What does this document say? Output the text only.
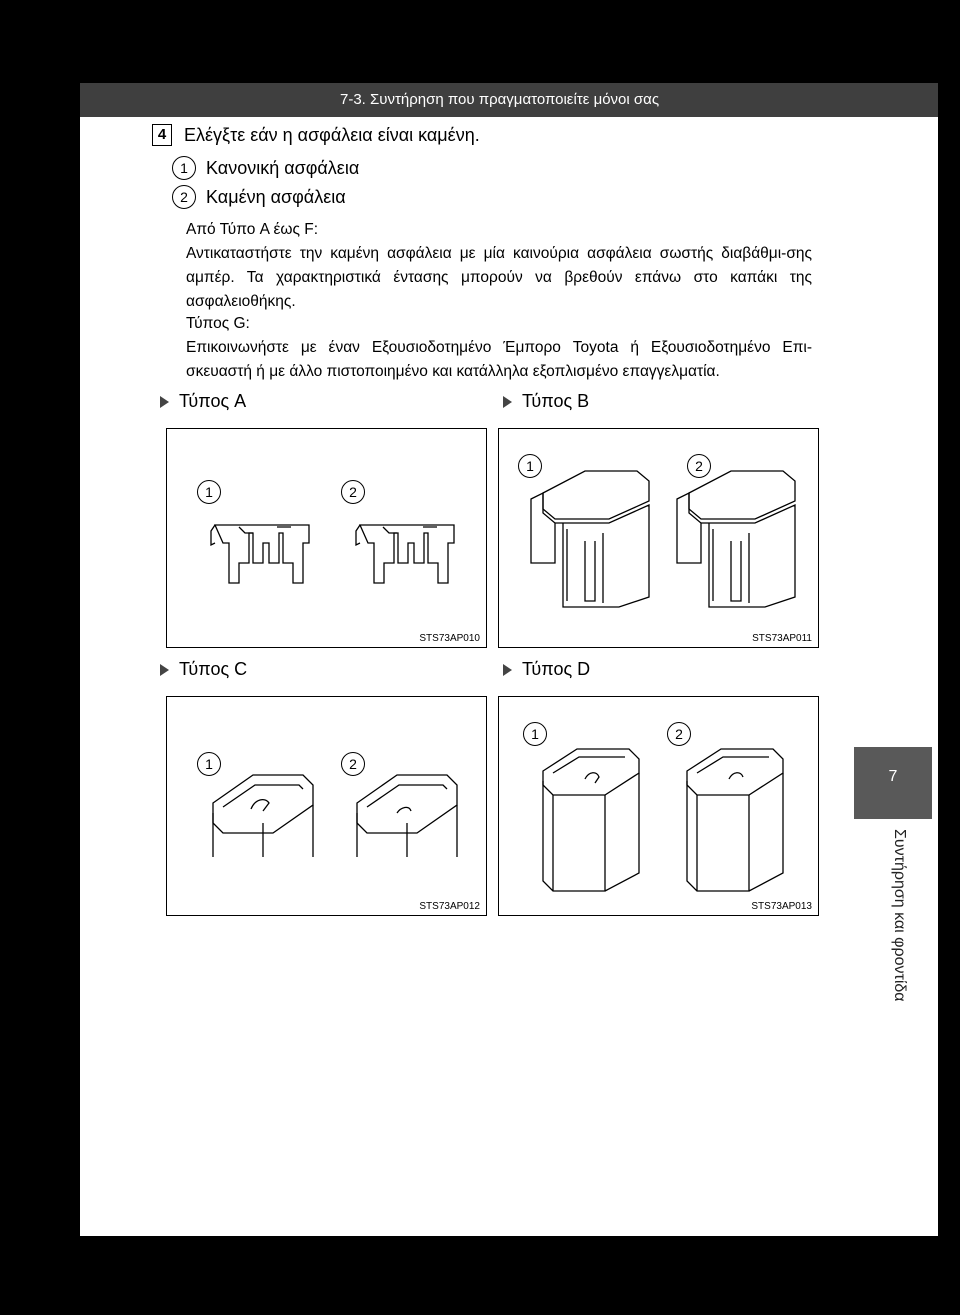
7-3. Συντήρηση που πραγματοποιείτε μόνοι σας
7
Συντήρηση και φροντίδα
4 Ελέγξτε εάν η ασφάλεια είναι καμένη.
1	Κανονική ασφάλεια
2	Καμένη ασφάλεια
Από Τύπο A έως F:
Αντικαταστήστε την καμένη ασφάλεια με μία καινούρια ασφάλεια σωστής διαβάθμι-σης αμπέρ. Τα χαρακτηριστικά έντασης μπορούν να βρεθούν επάνω στο καπάκι της ασφαλειοθήκης.
Τύπος G:
Επικοινωνήστε με έναν Εξουσιοδοτημένο Έμπορο Toyota ή Εξουσιοδοτημένο Επι-σκευαστή ή με άλλο πιστοποιημένο και κατάλληλα εξοπλισμένο επαγγελματία.
Τύπος A
1	2
STS73AP010
Τύπος B
1	2
STS73AP011
Τύπος C
1	2
STS73AP012
Τύπος D
1	2
STS73AP013
